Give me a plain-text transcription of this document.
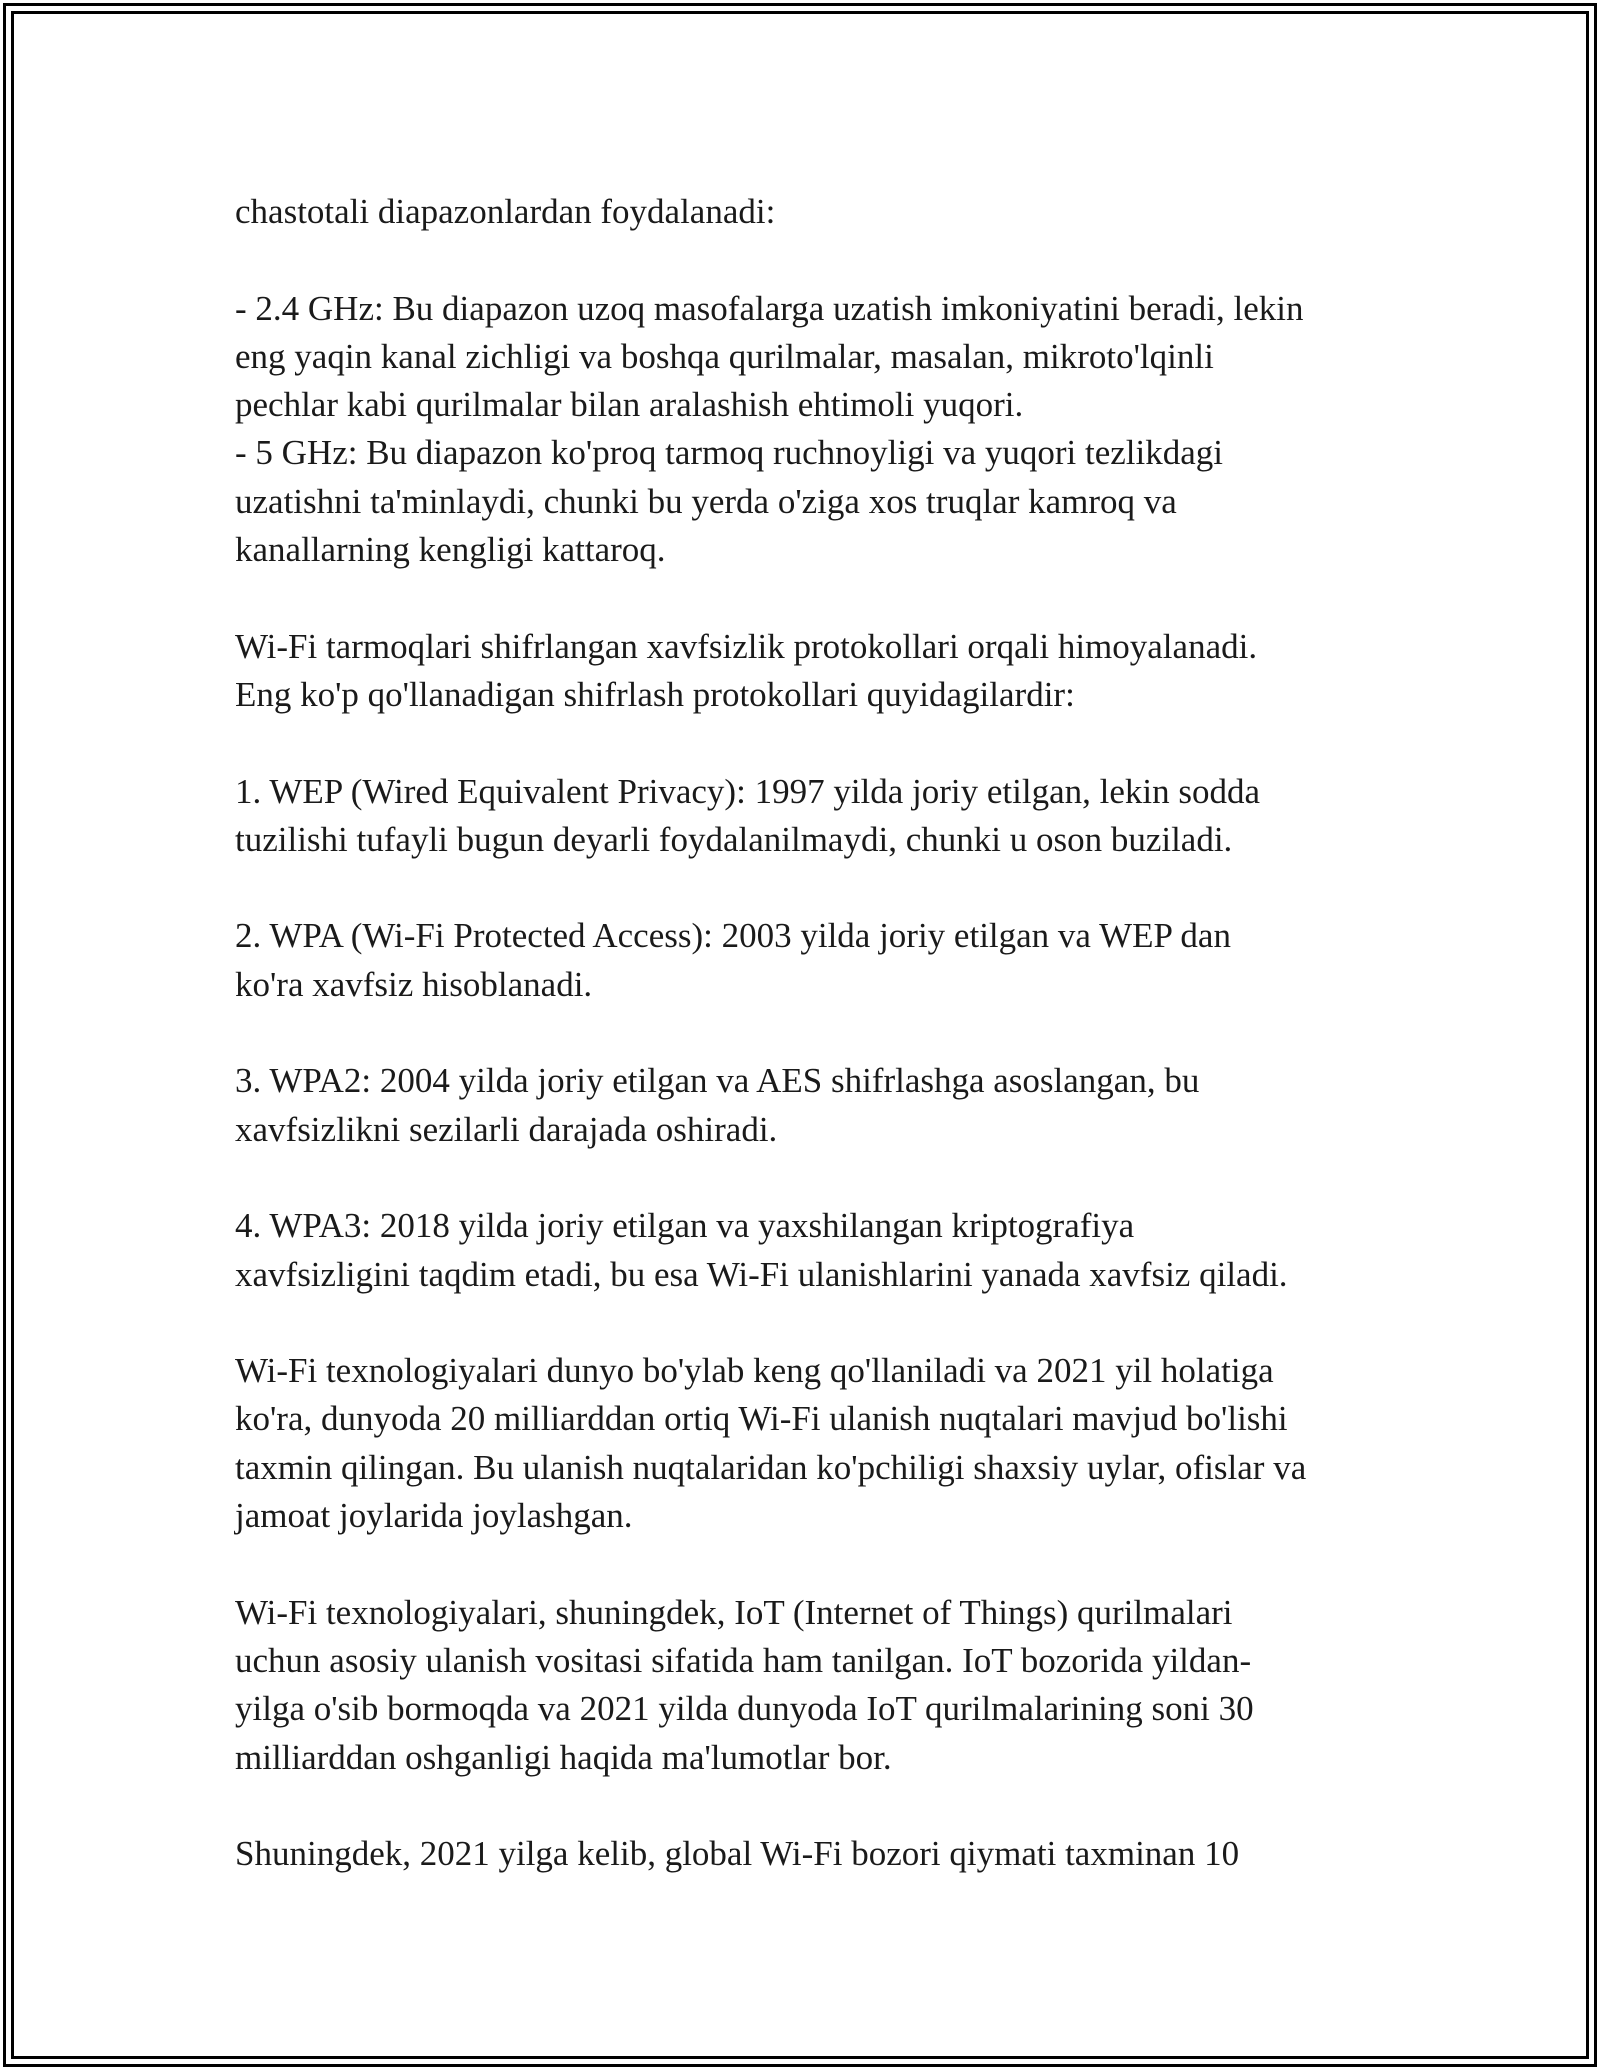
chastotali diapazonlardan foydalanadi:
- 2.4 GHz: Bu diapazon uzoq masofalarga uzatish imkoniyatini beradi, lekin
eng yaqin kanal zichligi va boshqa qurilmalar, masalan, mikroto'lqinli
pechlar kabi qurilmalar bilan aralashish ehtimoli yuqori.
- 5 GHz: Bu diapazon ko'proq tarmoq ruchnoyligi va yuqori tezlikdagi
uzatishni ta'minlaydi, chunki bu yerda o'ziga xos truqlar kamroq va
kanallarning kengligi kattaroq.
Wi-Fi tarmoqlari shifrlangan xavfsizlik protokollari orqali himoyalanadi.
Eng ko'p qo'llanadigan shifrlash protokollari quyidagilardir:
1. WEP (Wired Equivalent Privacy): 1997 yilda joriy etilgan, lekin sodda
tuzilishi tufayli bugun deyarli foydalanilmaydi, chunki u oson buziladi.
2. WPA (Wi-Fi Protected Access): 2003 yilda joriy etilgan va WEP dan
ko'ra xavfsiz hisoblanadi.
3. WPA2: 2004 yilda joriy etilgan va AES shifrlashga asoslangan, bu
xavfsizlikni sezilarli darajada oshiradi.
4. WPA3: 2018 yilda joriy etilgan va yaxshilangan kriptografiya
xavfsizligini taqdim etadi, bu esa Wi-Fi ulanishlarini yanada xavfsiz qiladi.
Wi-Fi texnologiyalari dunyo bo'ylab keng qo'llaniladi va 2021 yil holatiga
ko'ra, dunyoda 20 milliarddan ortiq Wi-Fi ulanish nuqtalari mavjud bo'lishi
taxmin qilingan. Bu ulanish nuqtalaridan ko'pchiligi shaxsiy uylar, ofislar va
jamoat joylarida joylashgan.
Wi-Fi texnologiyalari, shuningdek, IoT (Internet of Things) qurilmalari
uchun asosiy ulanish vositasi sifatida ham tanilgan. IoT bozorida yildan-
yilga o'sib bormoqda va 2021 yilda dunyoda IoT qurilmalarining soni 30
milliarddan oshganligi haqida ma'lumotlar bor.
Shuningdek, 2021 yilga kelib, global Wi-Fi bozori qiymati taxminan 10
